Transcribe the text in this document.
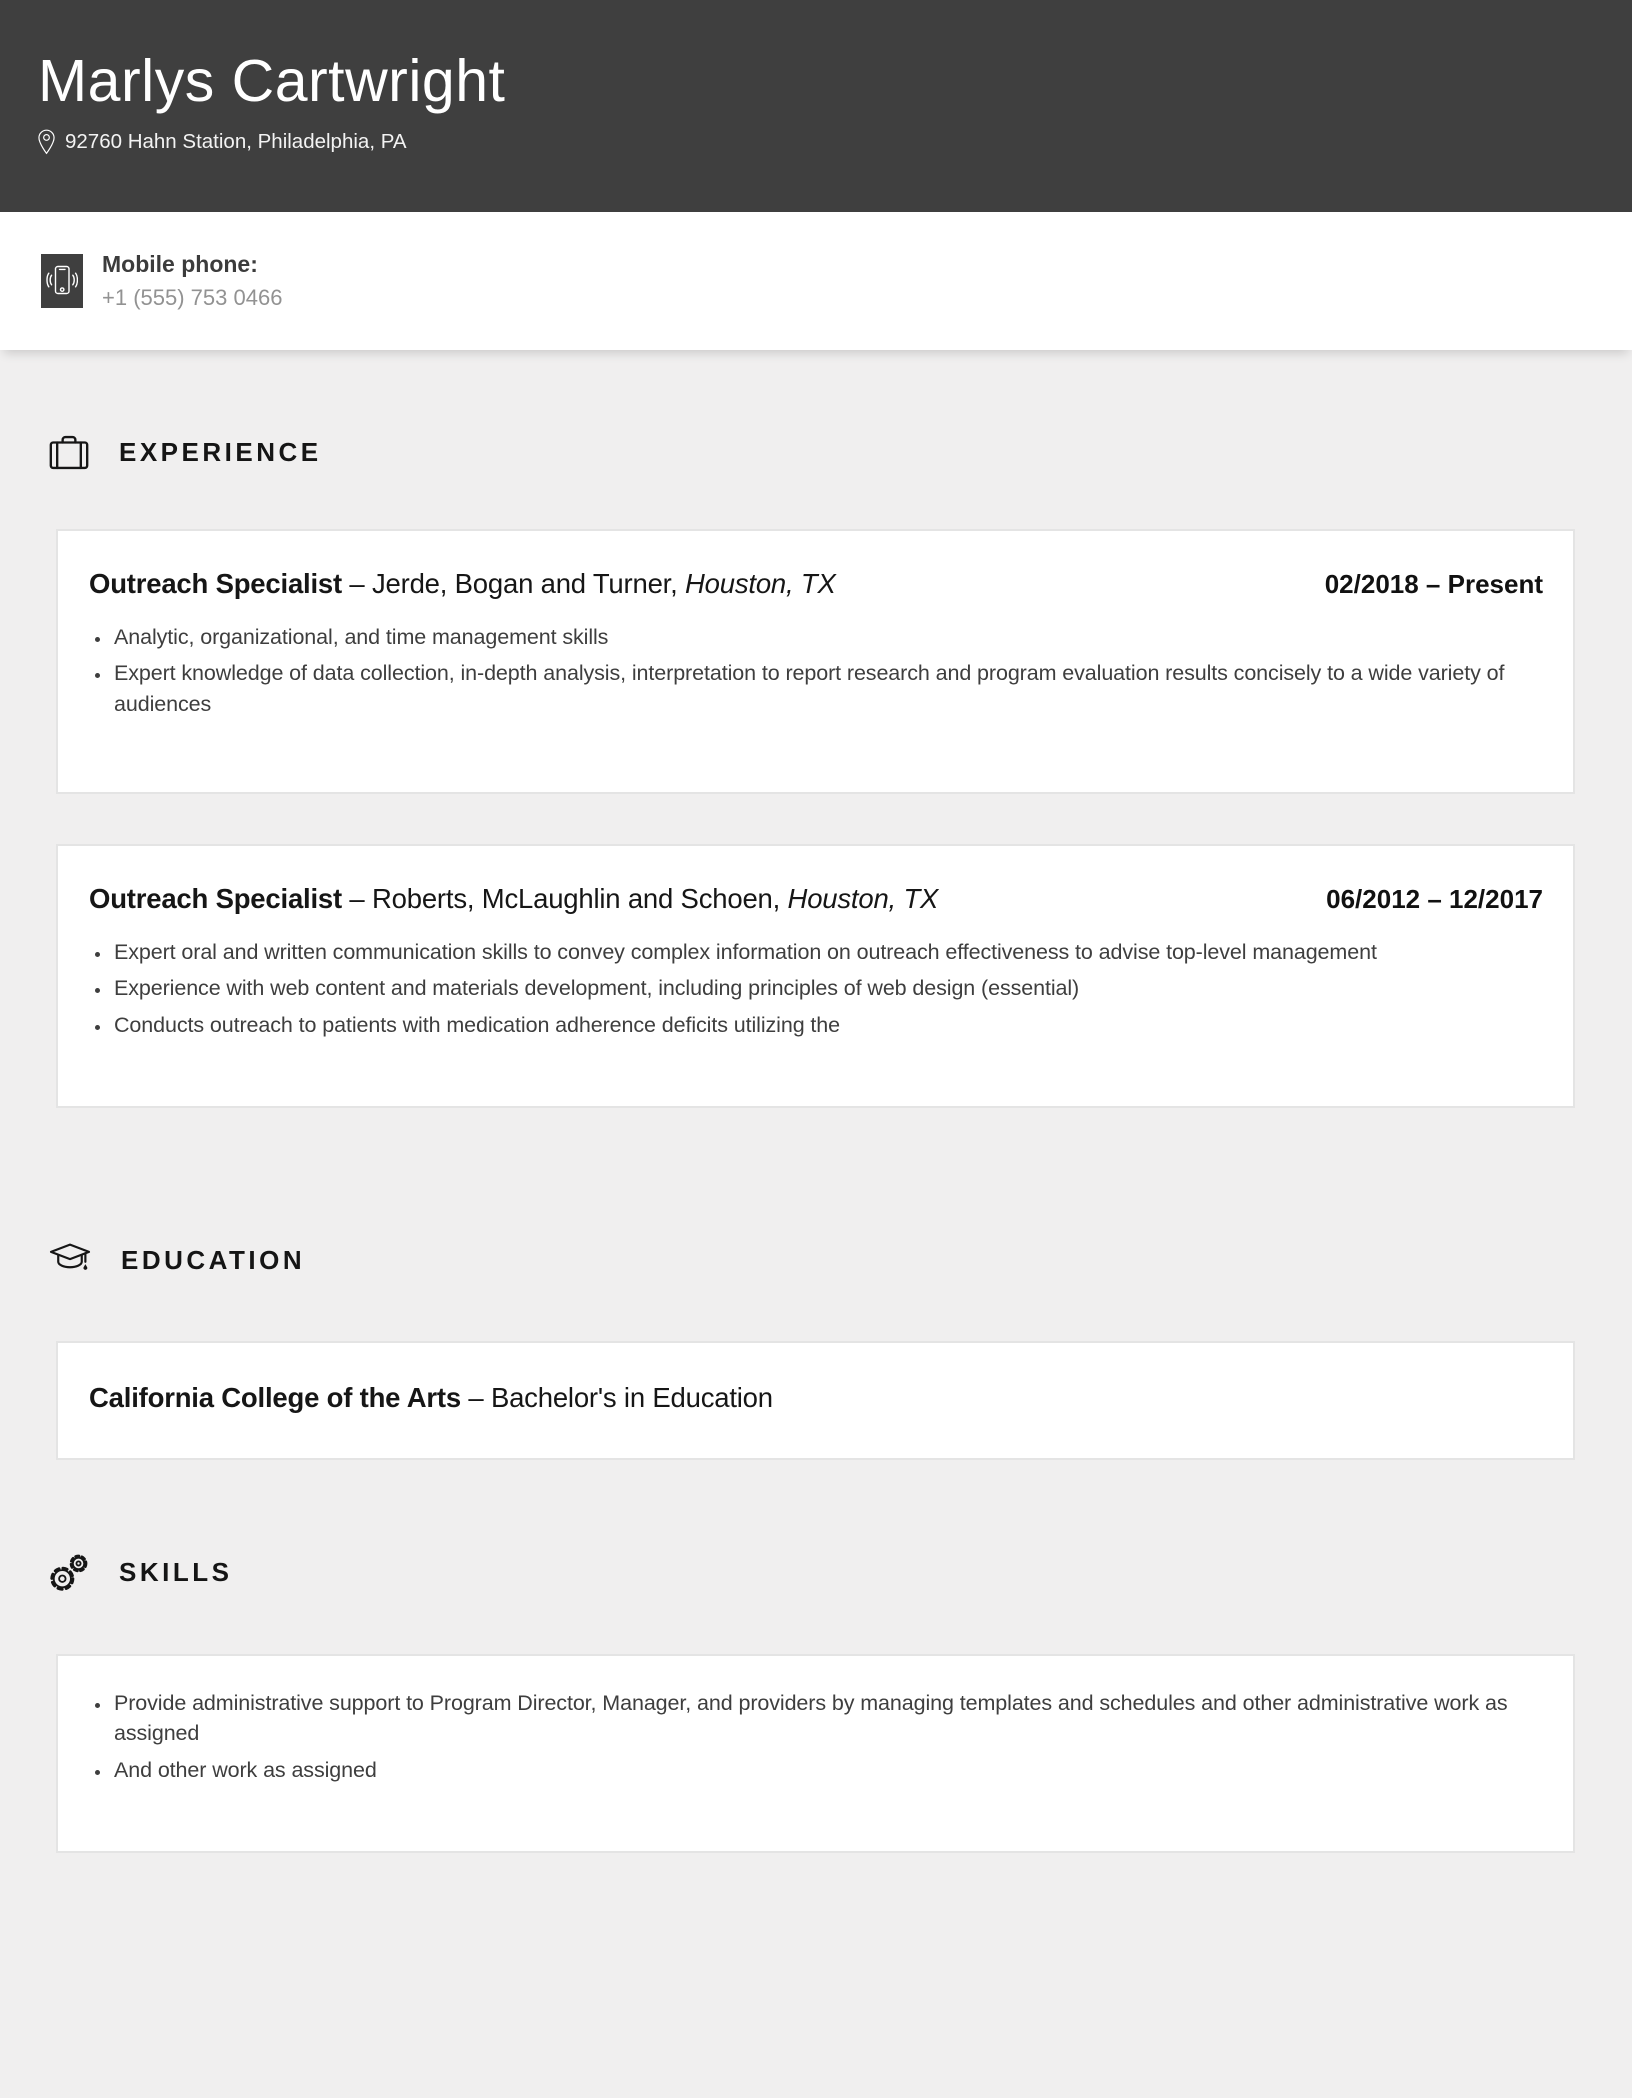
Marlys Cartwright
92760 Hahn Station, Philadelphia, PA
Mobile phone:
+1 (555) 753 0466
EXPERIENCE
Outreach Specialist – Jerde, Bogan and Turner, Houston, TX	02/2018 – Present
• Analytic, organizational, and time management skills
• Expert knowledge of data collection, in-depth analysis, interpretation to report research and program evaluation results concisely to a wide variety of audiences
Outreach Specialist – Roberts, McLaughlin and Schoen, Houston, TX	06/2012 – 12/2017
• Expert oral and written communication skills to convey complex information on outreach effectiveness to advise top-level management
• Experience with web content and materials development, including principles of web design (essential)
• Conducts outreach to patients with medication adherence deficits utilizing the
EDUCATION
California College of the Arts – Bachelor's in Education
SKILLS
• Provide administrative support to Program Director, Manager, and providers by managing templates and schedules and other administrative work as assigned
• And other work as assigned
